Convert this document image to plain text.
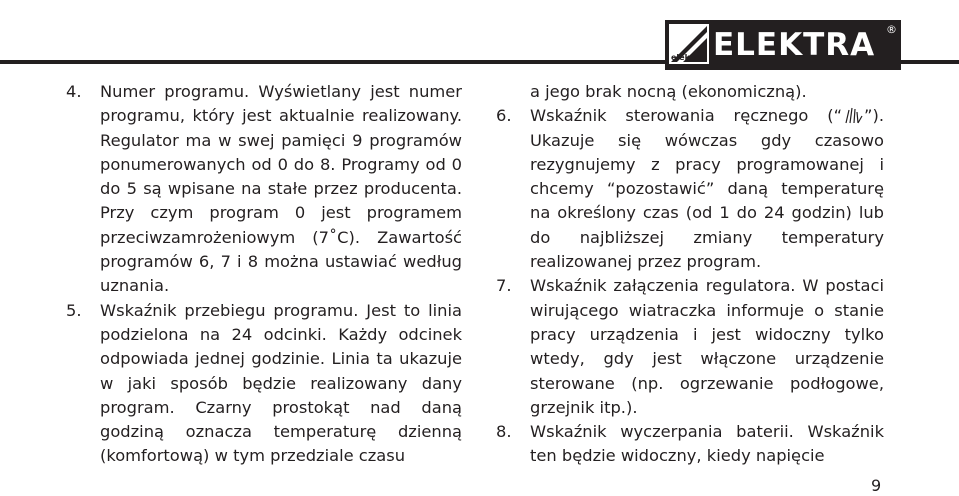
elektra ELEKTRA ®

4. Numer programu. Wyświetlany jest numer programu, który jest aktualnie realizowany. Regulator ma w swej pamięci 9 programów ponumerowanych od 0 do 8. Programy od 0 do 5 są wpisane na stałe przez producenta. Przy czym program 0 jest programem przeciwzamrożeniowym (7˚C). Zawartość programów 6, 7 i 8 można ustawiać według uznania.

5. Wskaźnik przebiegu programu. Jest to linia podzielona na 24 odcinki. Każdy odcinek odpowiada jednej godzinie. Linia ta ukazuje w jaki sposób będzie realizowany dany program. Czarny prostokąt nad daną godziną oznacza temperaturę dzienną (komfortową) w tym przedziale czasu

a jego brak nocną (ekonomiczną).

6. Wskaźnik sterowania ręcznego (“ ”). Ukazuje się wówczas gdy czasowo rezygnujemy z pracy programowanej i chcemy “pozostawić” daną temperaturę na określony czas (od 1 do 24 godzin) lub do najbliższej zmiany temperatury realizowanej przez program.

7. Wskaźnik załączenia regulatora. W postaci wirującego wiatraczka informuje o stanie pracy urządzenia i jest widoczny tylko wtedy, gdy jest włączone urządzenie sterowane (np. ogrzewanie podłogowe, grzejnik itp.).

8. Wskaźnik wyczerpania baterii. Wskaźnik ten będzie widoczny, kiedy napięcie

9
